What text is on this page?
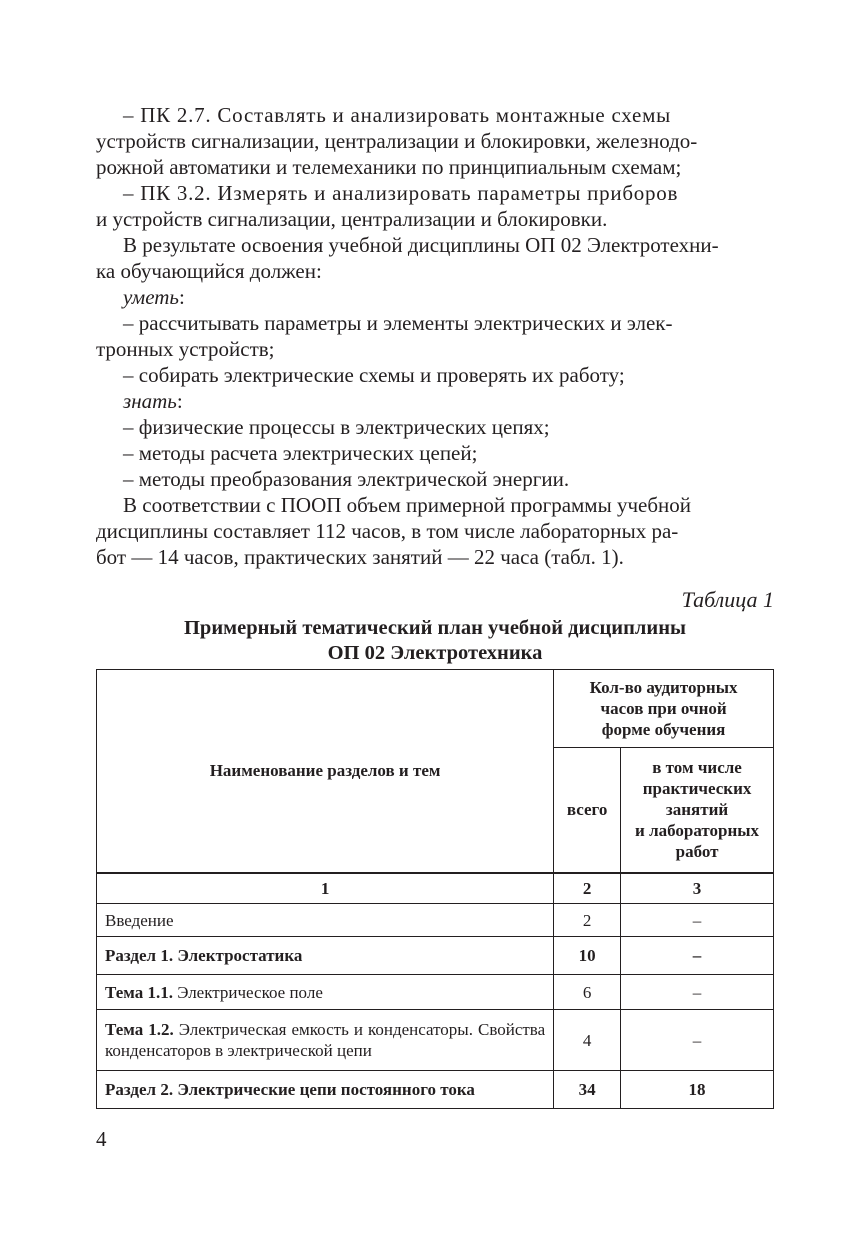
– ПК 2.7. Составлять и анализировать монтажные схемы

устройств сигнализации, централизации и блокировки, железнодо-

рожной автоматики и телемеханики по принципиальным схемам;

– ПК 3.2. Измерять и анализировать параметры приборов

и устройств сигнализации, централизации и блокировки.

В результате освоения учебной дисциплины ОП 02 Электротехни-

ка обучающийся должен:

уметь:

– рассчитывать параметры и элементы электрических и элек-

тронных устройств;

– собирать электрические схемы и проверять их работу;

знать:

– физические процессы в электрических цепях;

– методы расчета электрических цепей;

– методы преобразования электрической энергии.

В соответствии с ПООП объем примерной программы учебной

дисциплины составляет 112 часов, в том числе лабораторных ра-

бот — 14 часов, практических занятий — 22 часа (табл. 1).

Таблица 1
Примерный тематический план учебной дисциплины
ОП 02 Электротехника
Наименование разделов и тем	Кол-во аудиторных
часов при очной
форме обучения	

	всего	в том числе
практических
занятий
и лабораторных
работ

1	2	3
Введение	2	–
Раздел 1. Электростатика	10	–
Тема 1.1. Электрическое поле	6	–
Тема 1.2. Электрическая емкость и конденсаторы. Свойства конденсаторов в электрической цепи	4	–
Раздел 2. Электрические цепи постоянного тока	34	18
4
